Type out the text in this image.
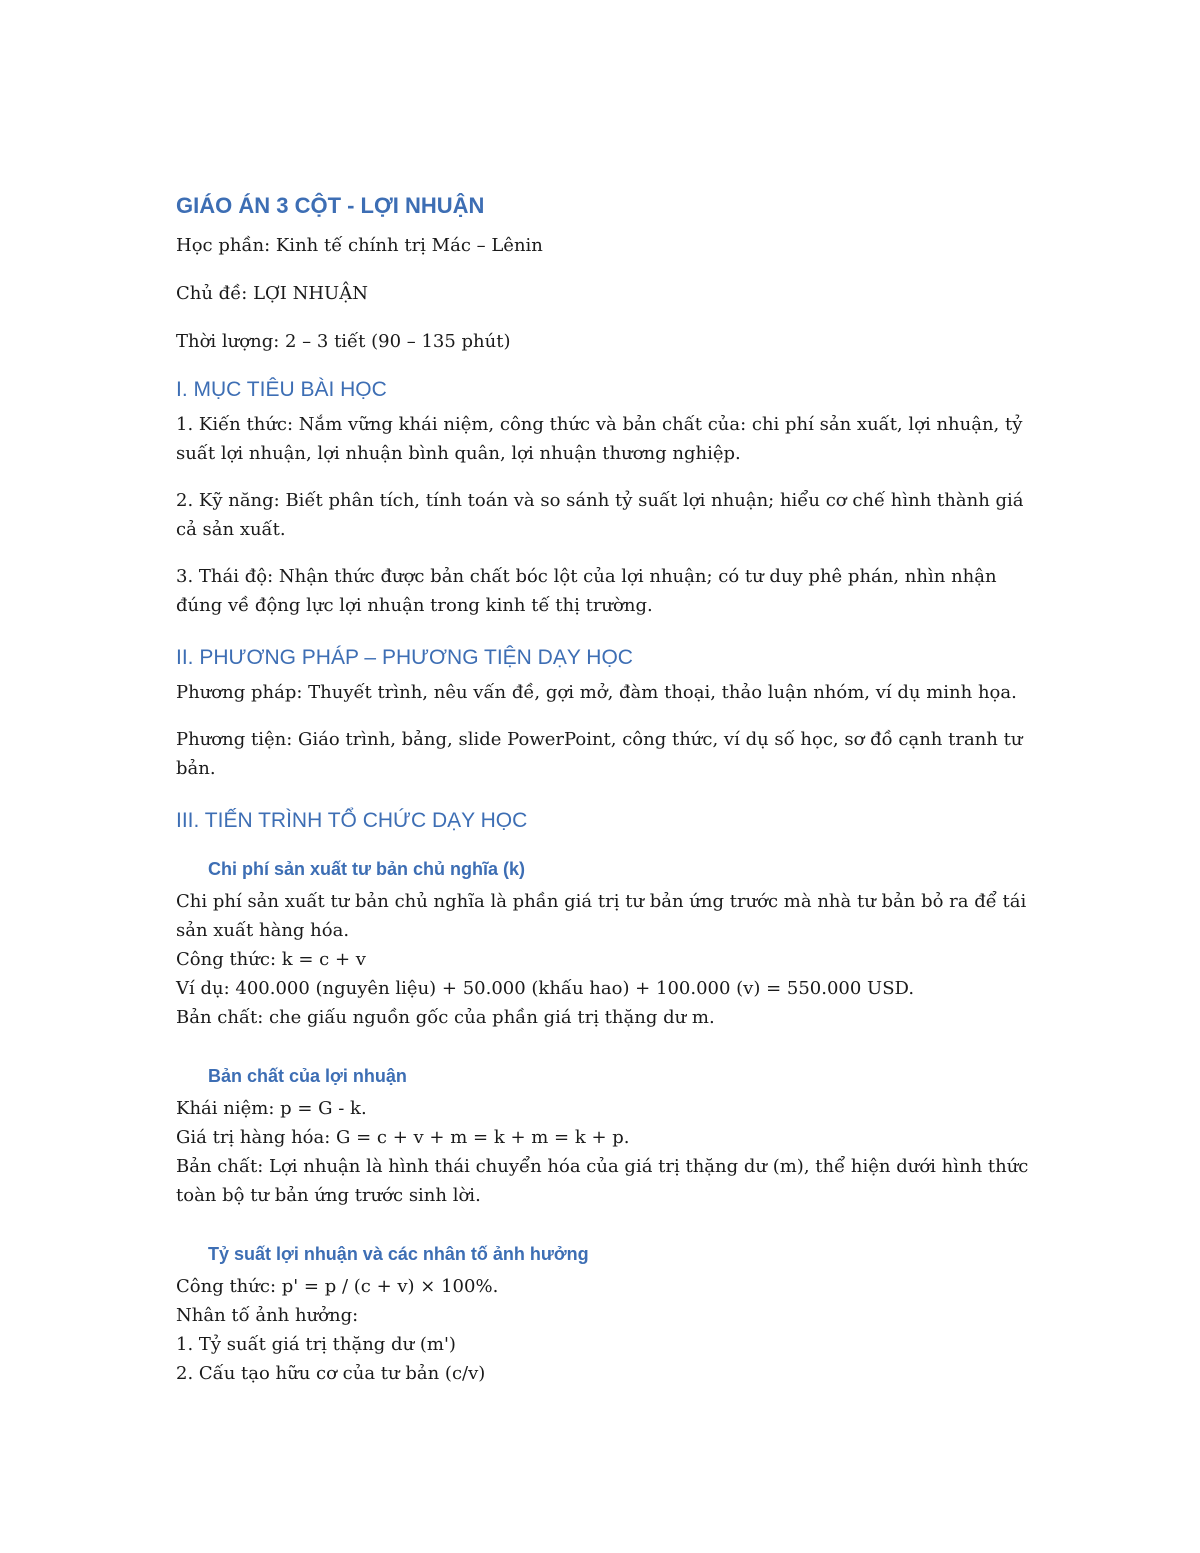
GIÁO ÁN 3 CỘT - LỢI NHUẬN

Học phần: Kinh tế chính trị Mác – Lênin

Chủ đề: LỢI NHUẬN

Thời lượng: 2 – 3 tiết (90 – 135 phút)

I. MỤC TIÊU BÀI HỌC

1. Kiến thức: Nắm vững khái niệm, công thức và bản chất của: chi phí sản xuất, lợi nhuận, tỷ suất lợi nhuận, lợi nhuận bình quân, lợi nhuận thương nghiệp.

2. Kỹ năng: Biết phân tích, tính toán và so sánh tỷ suất lợi nhuận; hiểu cơ chế hình thành giá cả sản xuất.

3. Thái độ: Nhận thức được bản chất bóc lột của lợi nhuận; có tư duy phê phán, nhìn nhận đúng về động lực lợi nhuận trong kinh tế thị trường.

II. PHƯƠNG PHÁP – PHƯƠNG TIỆN DẠY HỌC

Phương pháp: Thuyết trình, nêu vấn đề, gợi mở, đàm thoại, thảo luận nhóm, ví dụ minh họa.

Phương tiện: Giáo trình, bảng, slide PowerPoint, công thức, ví dụ số học, sơ đồ cạnh tranh tư bản.

III. TIẾN TRÌNH TỔ CHỨC DẠY HỌC
Chi phí sản xuất tư bản chủ nghĩa (k)

Chi phí sản xuất tư bản chủ nghĩa là phần giá trị tư bản ứng trước mà nhà tư bản bỏ ra để tái sản xuất hàng hóa.

Công thức: k = c + v

Ví dụ: 400.000 (nguyên liệu) + 50.000 (khấu hao) + 100.000 (v) = 550.000 USD.

Bản chất: che giấu nguồn gốc của phần giá trị thặng dư m.

Bản chất của lợi nhuận

Khái niệm: p = G - k.

Giá trị hàng hóa: G = c + v + m = k + m = k + p.

Bản chất: Lợi nhuận là hình thái chuyển hóa của giá trị thặng dư (m), thể hiện dưới hình thức toàn bộ tư bản ứng trước sinh lời.

Tỷ suất lợi nhuận và các nhân tố ảnh hưởng

Công thức: p' = p / (c + v) × 100%.

Nhân tố ảnh hưởng:

1. Tỷ suất giá trị thặng dư (m')

2. Cấu tạo hữu cơ của tư bản (c/v)
